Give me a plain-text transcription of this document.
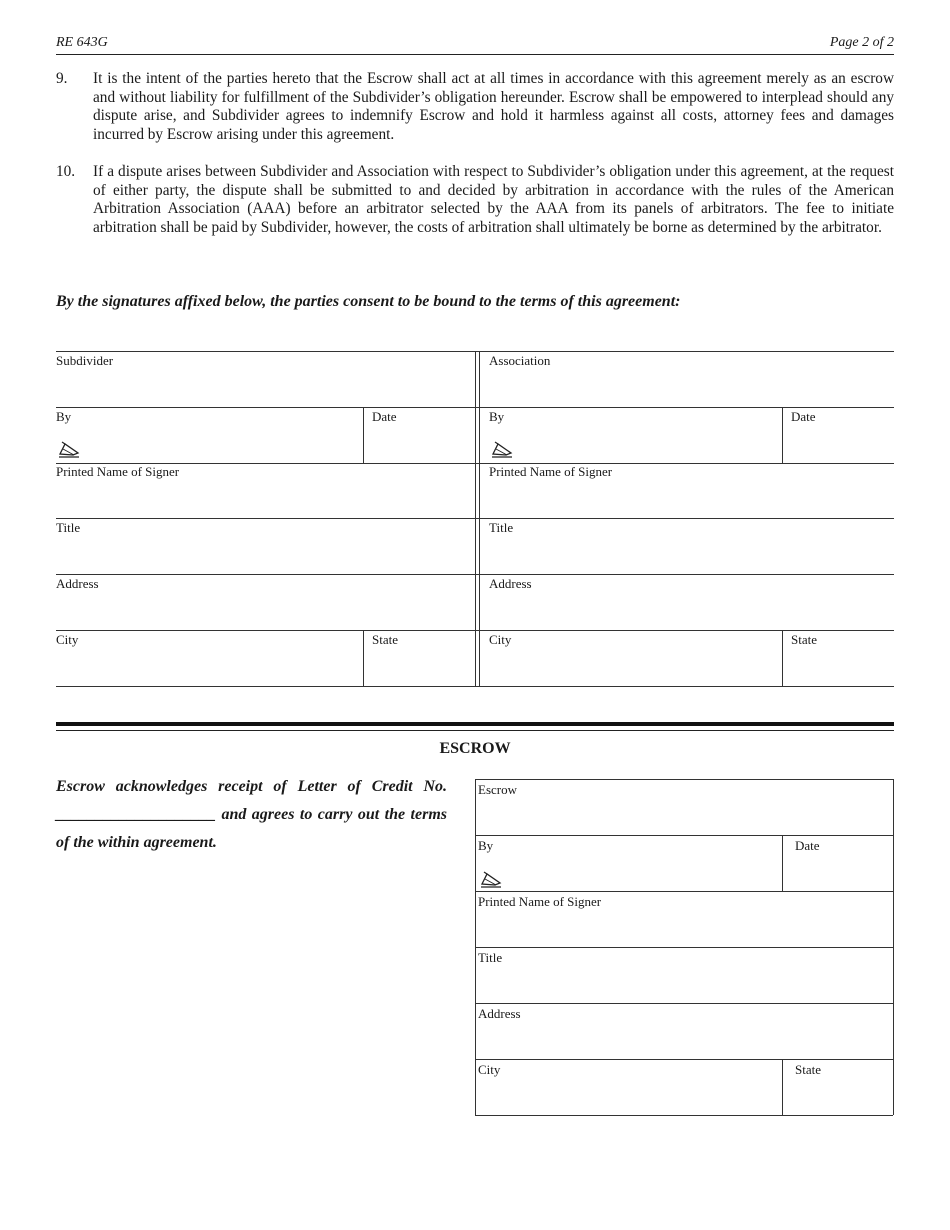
RE 643G	Page 2 of 2
9. It is the intent of the parties hereto that the Escrow shall act at all times in accordance with this agreement merely as an escrow and without liability for fulfillment of the Subdivider’s obligation hereunder. Escrow shall be empowered to interplead should any dispute arise, and Subdivider agrees to indemnify Escrow and hold it harmless against all costs, attorney fees and damages incurred by Escrow arising under this agreement.
10. If a dispute arises between Subdivider and Association with respect to Subdivider’s obligation under this agreement, at the request of either party, the dispute shall be submitted to and decided by arbitration in accordance with the rules of the American Arbitration Association (AAA) before an arbitrator selected by the AAA from its panels of arbitrators. The fee to initiate arbitration shall be paid by Subdivider, however, the costs of arbitration shall ultimately be borne as determined by the arbitrator.
By the signatures affixed below, the parties consent to be bound to the terms of this agreement:
Subdivider
By	Date
Printed Name of Signer
Title
Address
City	State
Association
By	Date
Printed Name of Signer
Title
Address
City	State
ESCROW
Escrow acknowledges receipt of Letter of Credit No. ____________________ and agrees to carry out the terms of the within agreement.
Escrow
By	Date
Printed Name of Signer
Title
Address
City	State
